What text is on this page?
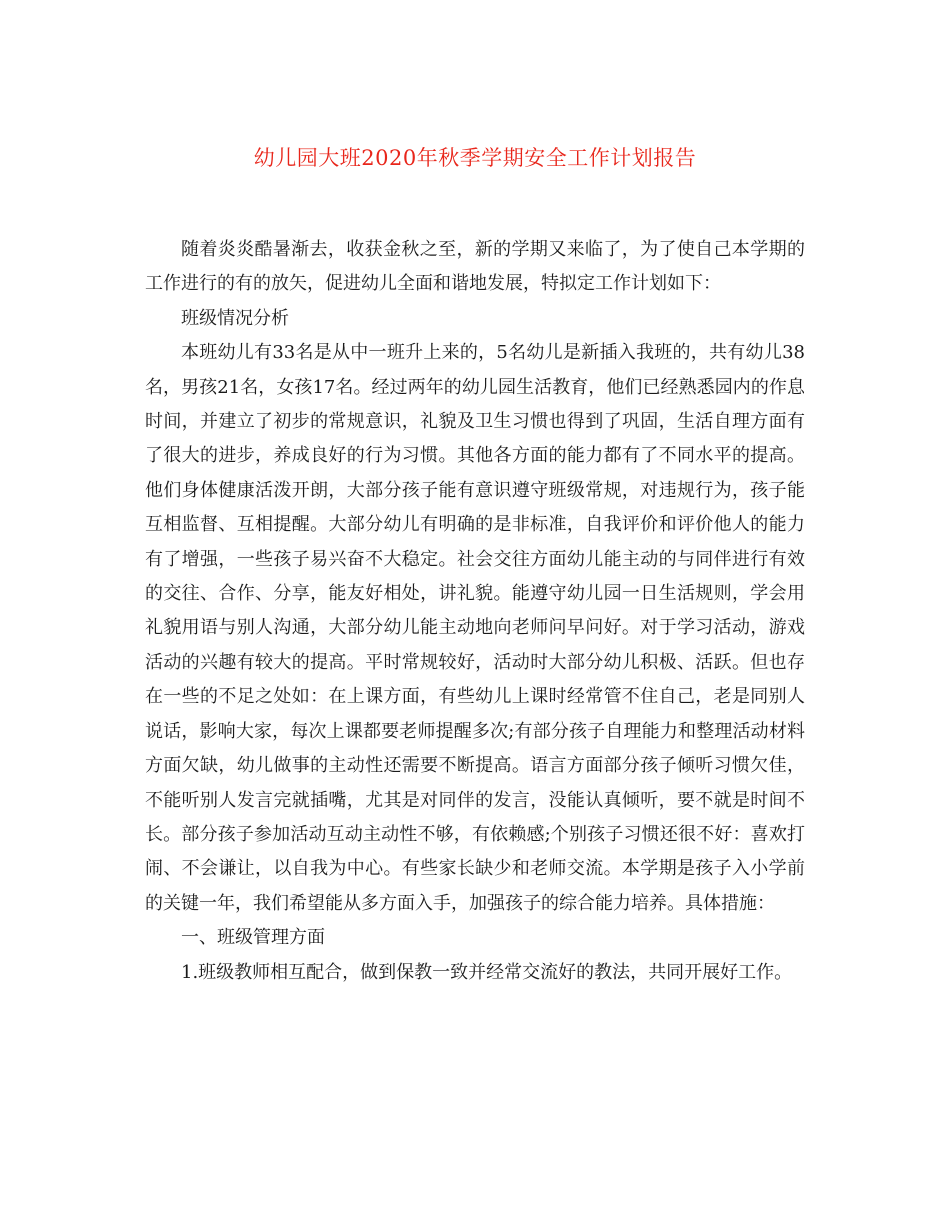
幼儿园大班2020年秋季学期安全工作计划报告

随着炎炎酷暑渐去，收获金秋之至，新的学期又来临了，为了使自己本学期的工作进行的有的放矢，促进幼儿全面和谐地发展，特拟定工作计划如下：

班级情况分析

本班幼儿有33名是从中一班升上来的，5名幼儿是新插入我班的，共有幼儿38名，男孩21名，女孩17名。经过两年的幼儿园生活教育，他们已经熟悉园内的作息时间，并建立了初步的常规意识，礼貌及卫生习惯也得到了巩固，生活自理方面有了很大的进步，养成良好的行为习惯。其他各方面的能力都有了不同水平的提高。他们身体健康活泼开朗，大部分孩子能有意识遵守班级常规，对违规行为，孩子能互相监督、互相提醒。大部分幼儿有明确的是非标准，自我评价和评价他人的能力有了增强，一些孩子易兴奋不大稳定。社会交往方面幼儿能主动的与同伴进行有效的交往、合作、分享，能友好相处，讲礼貌。能遵守幼儿园一日生活规则，学会用礼貌用语与别人沟通，大部分幼儿能主动地向老师问早问好。对于学习活动，游戏活动的兴趣有较大的提高。平时常规较好，活动时大部分幼儿积极、活跃。但也存在一些的不足之处如：在上课方面，有些幼儿上课时经常管不住自己，老是同别人说话，影响大家，每次上课都要老师提醒多次;有部分孩子自理能力和整理活动材料方面欠缺，幼儿做事的主动性还需要不断提高。语言方面部分孩子倾听习惯欠佳，不能听别人发言完就插嘴，尤其是对同伴的发言，没能认真倾听，要不就是时间不长。部分孩子参加活动互动主动性不够，有依赖感;个别孩子习惯还很不好：喜欢打闹、不会谦让，以自我为中心。有些家长缺少和老师交流。本学期是孩子入小学前的关键一年，我们希望能从多方面入手，加强孩子的综合能力培养。具体措施：

一、班级管理方面

1.班级教师相互配合，做到保教一致并经常交流好的教法，共同开展好工作。
